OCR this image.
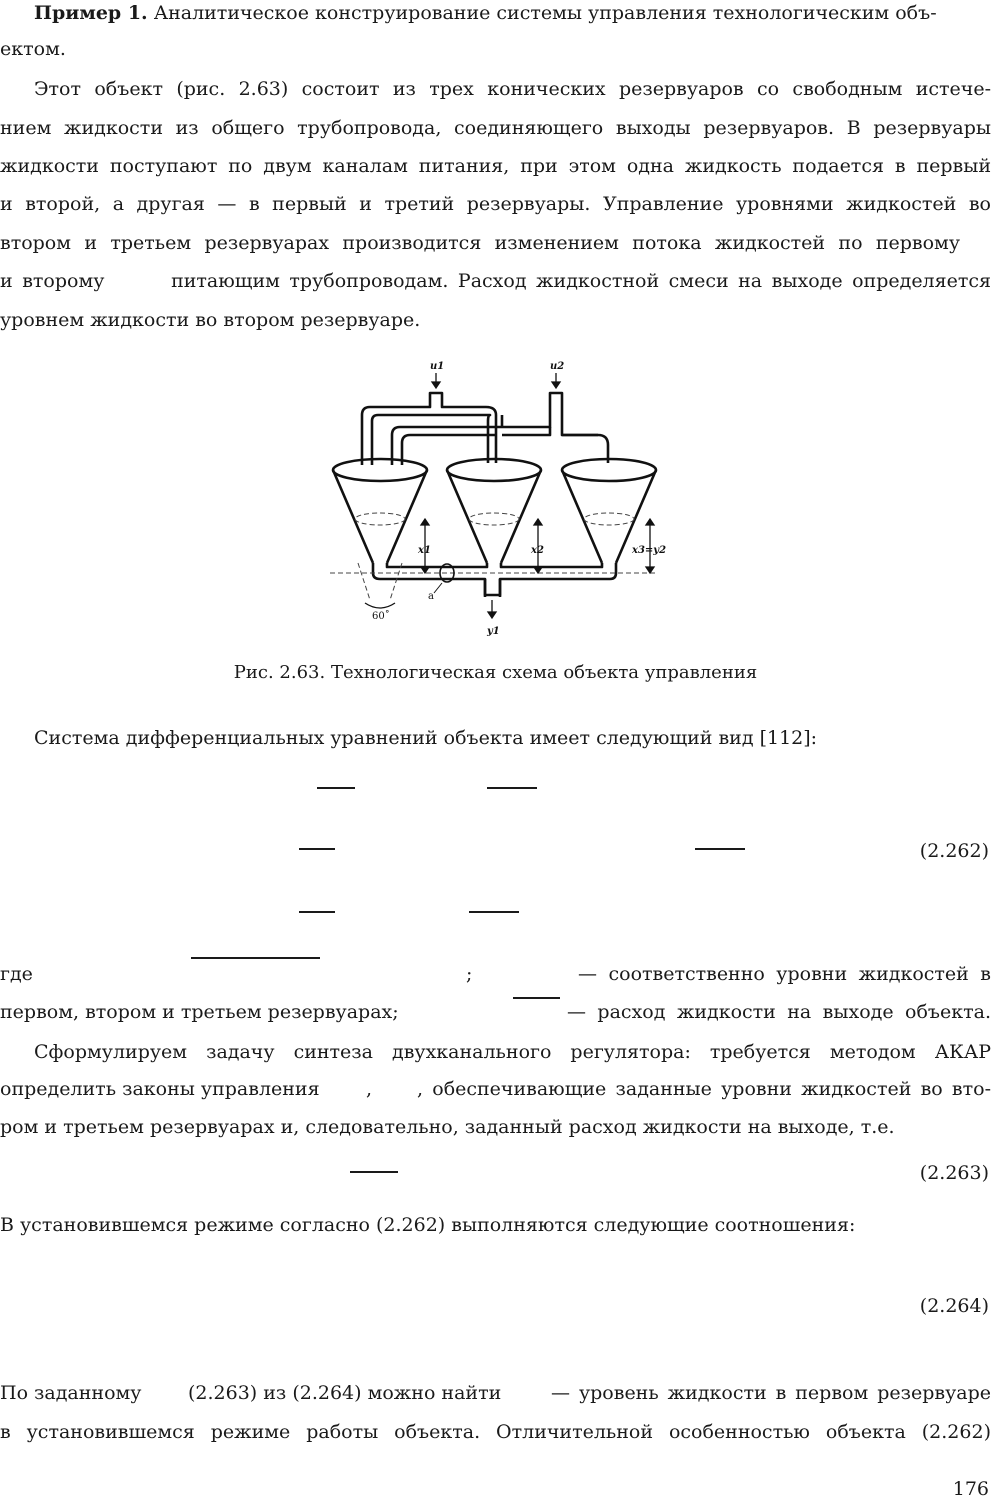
Пример 1. Аналитическое конструирование системы управления технологическим объ-
ектом.
Этот объект (рис. 2.63) состоит из трех конических резервуаров со свободным истече-
нием жидкости из общего трубопровода, соединяющего выходы резервуаров. В резервуары
жидкости поступают по двум каналам питания, при этом одна жидкость подается в первый
и второй, а другая — в первый и третий резервуары. Управление уровнями жидкостей во
втором и третьем резервуарах производится изменением потока жидкостей по первому
и второму       питающим трубопроводам. Расход жидкостной смеси на выходе определяется
уровнем жидкости во втором резервуаре.
u1	u2
x1	x2	x3=y2
y1
a
60˚
Рис. 2.63. Технологическая схема объекта управления
Система дифференциальных уравнений объекта имеет следующий вид [112]:
(2.262)
где	;	— соответственно уровни жидкостей в
первом, втором и третьем резервуарах;	— расход жидкости на выходе объекта.
Сформулируем задачу синтеза двухканального регулятора: требуется методом АКАР
определить законы управления , , обеспечивающие заданные уровни жидкостей во вто-
ром и третьем резервуарах и, следовательно, заданный расход жидкости на выходе, т.е.
(2.263)
В установившемся режиме согласно (2.262) выполняются следующие соотношения:
(2.264)
По заданному (2.263) из (2.264) можно найти	— уровень жидкости в первом резервуаре
в установившемся режиме работы объекта. Отличительной особенностью объекта (2.262)
176
